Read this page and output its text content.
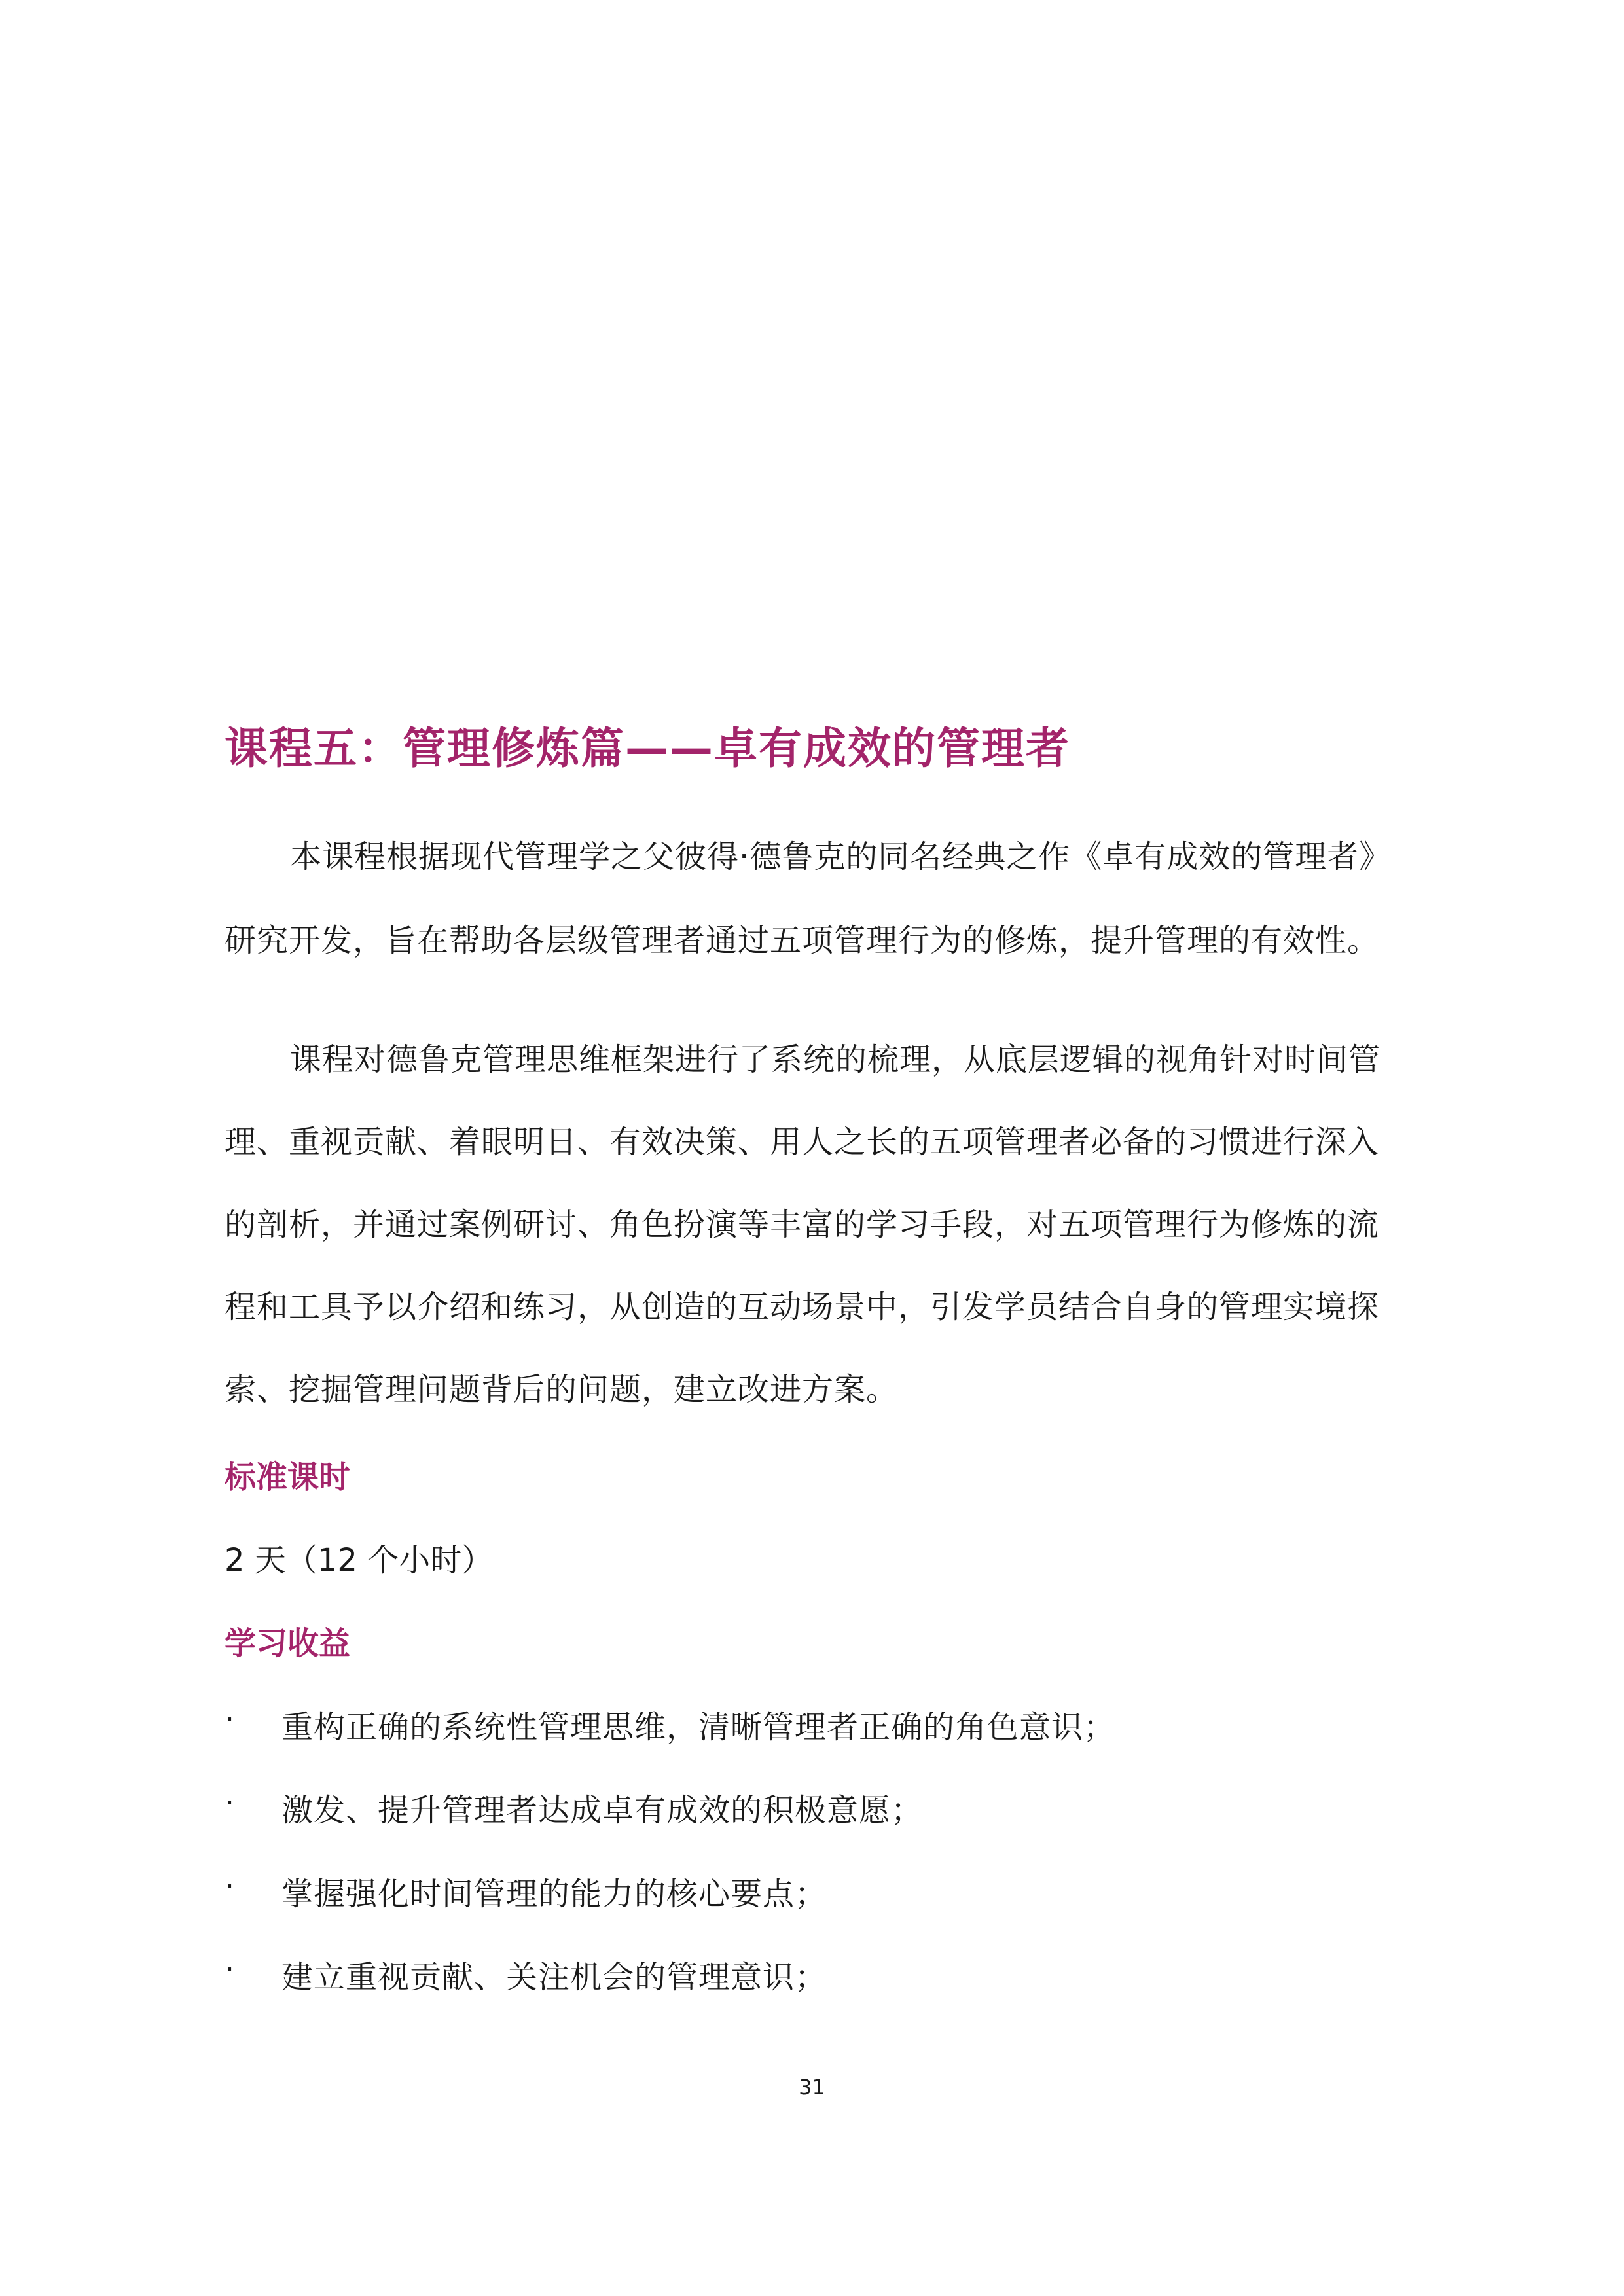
课程五：管理修炼篇——卓有成效的管理者
本课程根据现代管理学之父彼得·德鲁克的同名经典之作《卓有成效的管理者》
研究开发，旨在帮助各层级管理者通过五项管理行为的修炼，提升管理的有效性。
课程对德鲁克管理思维框架进行了系统的梳理，从底层逻辑的视角针对时间管
理、重视贡献、着眼明日、有效决策、用人之长的五项管理者必备的习惯进行深入
的剖析，并通过案例研讨、角色扮演等丰富的学习手段，对五项管理行为修炼的流
程和工具予以介绍和练习，从创造的互动场景中，引发学员结合自身的管理实境探
索、挖掘管理问题背后的问题，建立改进方案。
标准课时
2 天（12 个小时）
学习收益
· 重构正确的系统性管理思维，清晰管理者正确的角色意识；
· 激发、提升管理者达成卓有成效的积极意愿；
· 掌握强化时间管理的能力的核心要点；
· 建立重视贡献、关注机会的管理意识；
31
